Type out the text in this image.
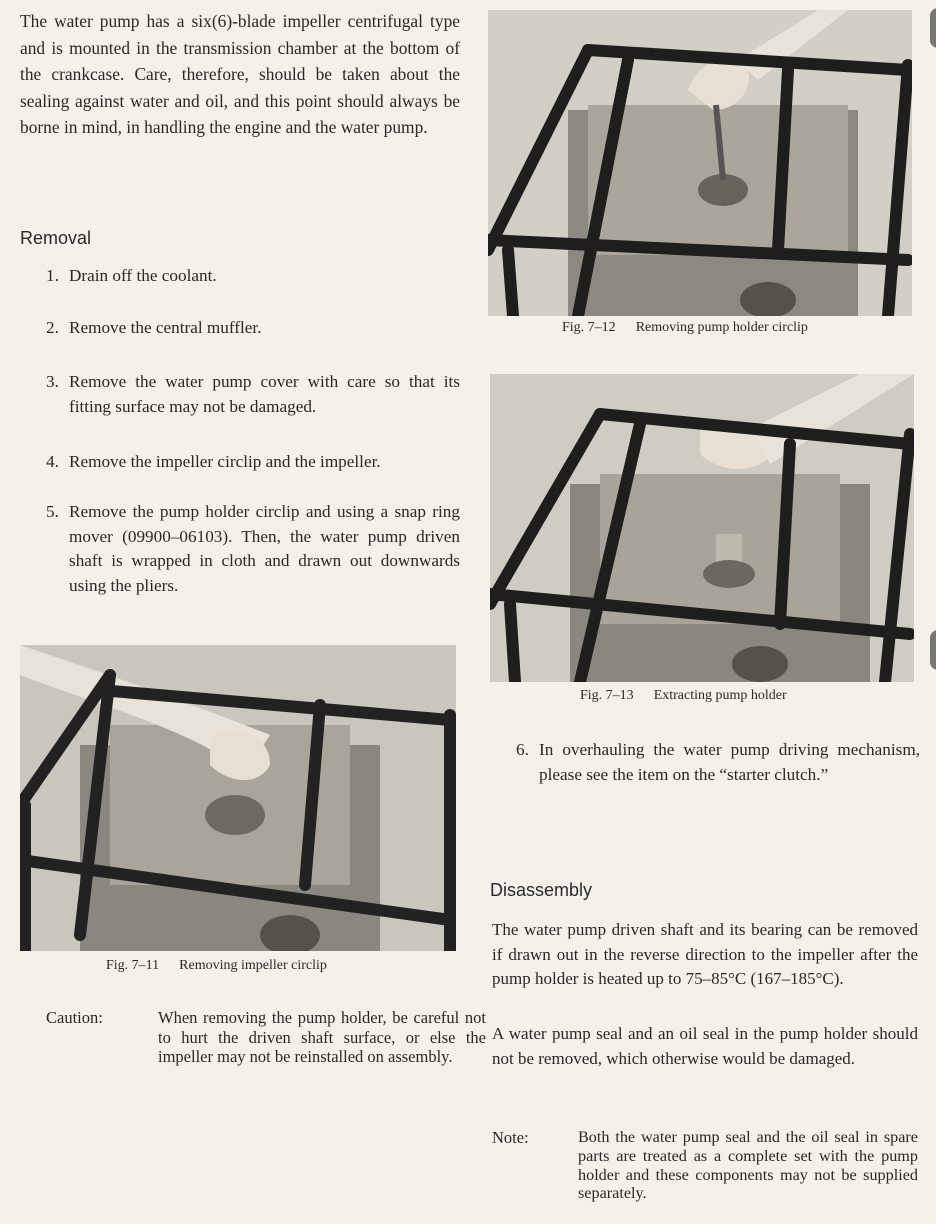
The water pump has a six(6)-blade impeller centrifugal type and is mounted in the transmission chamber at the bottom of the crankcase. Care, therefore, should be taken about the sealing against water and oil, and this point should always be borne in mind, in handling the engine and the water pump.

Removal
1. Drain off the coolant.
2. Remove the central muffler.
3. Remove the water pump cover with care so that its fitting surface may not be damaged.
4. Remove the impeller circlip and the impeller.
5. Remove the pump holder circlip and using a snap ring mover (09900–06103). Then, the water pump driven shaft is wrapped in cloth and drawn out downwards using the pliers.
Fig. 7–11 Removing impeller circlip
Caution:	When removing the pump holder, be careful not to hurt the driven shaft surface, or else the impeller may not be reinstalled on assembly.
Fig. 7–12 Removing pump holder circlip
Fig. 7–13 Extracting pump holder
6. In overhauling the water pump driving mechanism, please see the item on the “starter clutch.”
Disassembly

The water pump driven shaft and its bearing can be removed if drawn out in the reverse direction to the impeller after the pump holder is heated up to 75–85°C (167–185°C).

A water pump seal and an oil seal in the pump holder should not be removed, which otherwise would be damaged.

Note:	Both the water pump seal and the oil seal in spare parts are treated as a complete set with the pump holder and these components may not be supplied separately.
